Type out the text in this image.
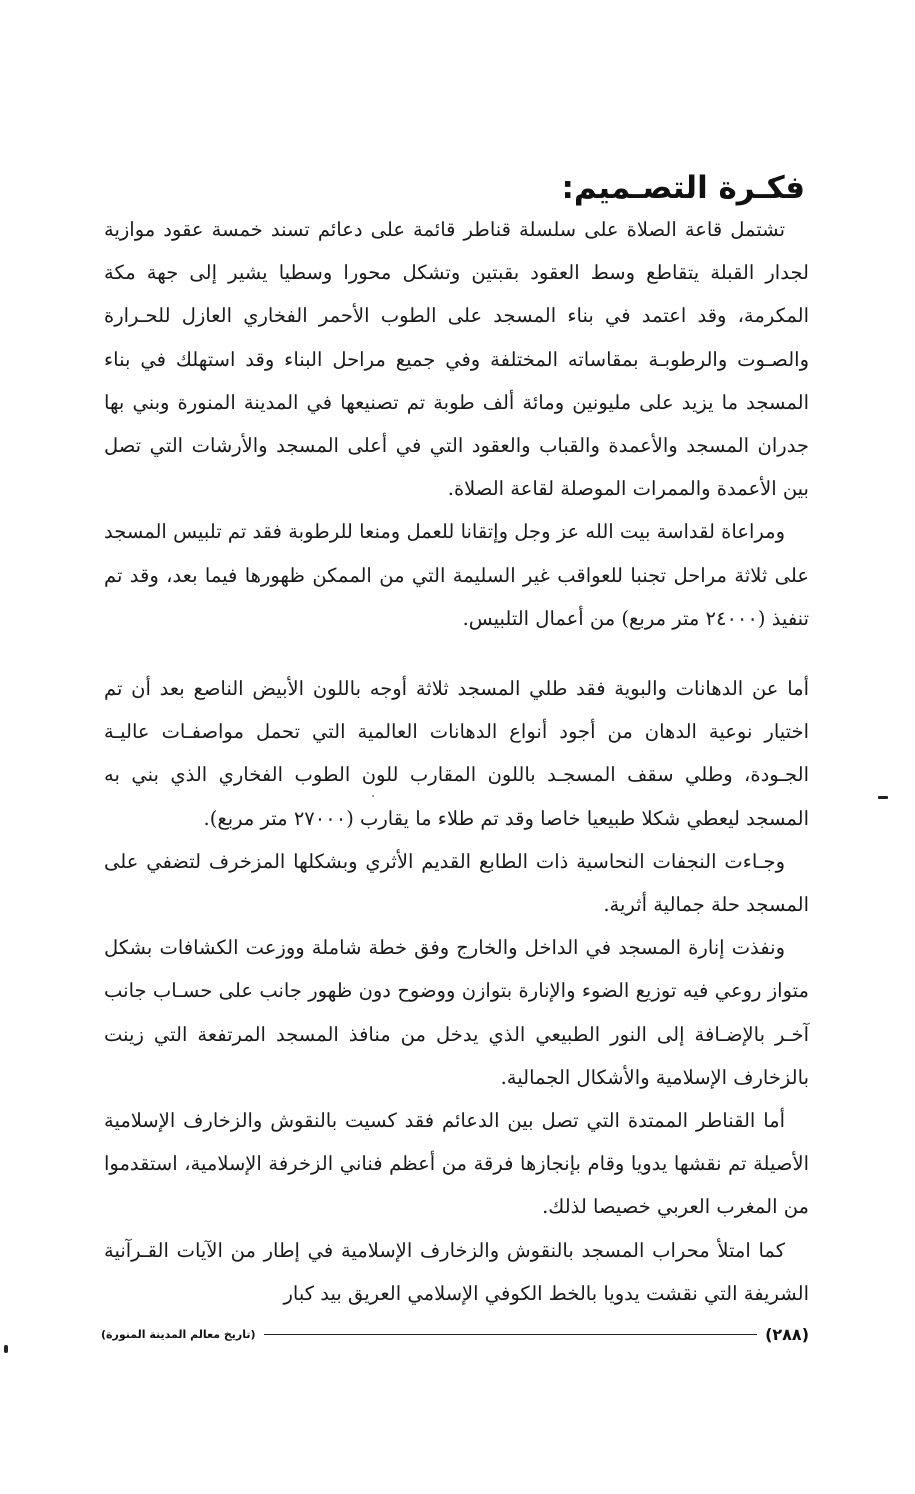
فكـرة التصـميم:

تشتمل قاعة الصلاة على سلسلة قناطر قائمة على دعائم تسند خمسة عقود موازية لجدار القبلة يتقاطع وسط العقود بقبتين وتشكل محورا وسطيا يشير إلى جهة مكة المكرمة، وقد اعتمد في بناء المسجد على الطوب الأحمر الفخاري العازل للحـرارة والصـوت والرطوبـة بمقاساته المختلفة وفي جميع مراحل البناء وقد استهلك في بناء المسجد ما يزيد على مليونين ومائة ألف طوبة تم تصنيعها في المدينة المنورة وبني بها جدران المسجد والأعمدة والقباب والعقود التي في أعلى المسجد والأرشات التي تصل بين الأعمدة والممرات الموصلة لقاعة الصلاة.

ومراعاة لقداسة بيت الله عز وجل وإتقانا للعمل ومنعا للرطوبة فقد تم تلبيس المسجد على ثلاثة مراحل تجنبا للعواقب غير السليمة التي من الممكن ظهورها فيما بعد، وقد تم تنفيذ (٢٤٠٠٠ متر مربع) من أعمال التلبيس.

أما عن الدهانات والبوية فقد طلي المسجد ثلاثة أوجه باللون الأبيض الناصع بعد أن تم اختيار نوعية الدهان من أجود أنواع الدهانات العالمية التي تحمل مواصفـات عاليـة الجـودة، وطلي سقف المسجـد باللون المقارب للون الطوب الفخاري الذي بني به المسجد ليعطي شكلا طبيعيا خاصا وقد تم طلاء ما يقارب (٢٧٠٠٠ متر مربع).

وجـاءت النجفات النحاسية ذات الطابع القديم الأثري وبشكلها المزخرف لتضفي على المسجد حلة جمالية أثرية.

ونفذت إنارة المسجد في الداخل والخارج وفق خطة شاملة ووزعت الكشافات بشكل متواز روعي فيه توزيع الضوء والإنارة بتوازن ووضوح دون ظهور جانب على حسـاب جانب آخـر بالإضـافة إلى النور الطبيعي الذي يدخل من منافذ المسجد المرتفعة التي زينت بالزخارف الإسلامية والأشكال الجمالية.

أما القناطر الممتدة التي تصل بين الدعائم فقد كسيت بالنقوش والزخارف الإسلامية الأصيلة تم نقشها يدويا وقام بإنجازها فرقة من أعظم فناني الزخرفة الإسلامية، استقدموا من المغرب العربي خصيصا لذلك.

كما امتلأ محراب المسجد بالنقوش والزخارف الإسلامية في إطار من الآيات القـرآنية الشريفة التي نقشت يدويا بالخط الكوفي الإسلامي العريق بيد كبار

(٢٨٨)
(تاريخ معالم المدينة المنورة)
